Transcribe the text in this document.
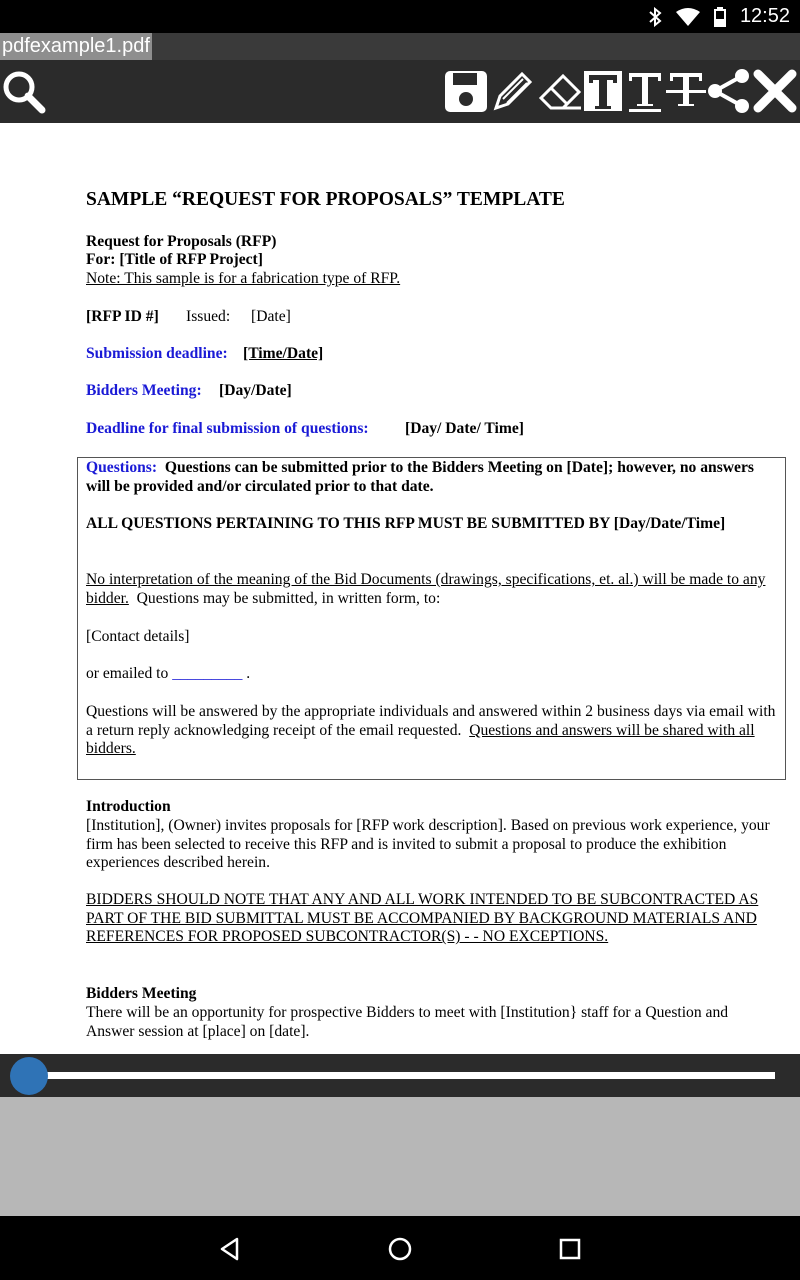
12:52
pdfexample1.pdf
SAMPLE “REQUEST FOR PROPOSALS” TEMPLATE
Request for Proposals (RFP)
For: [Title of RFP Project]
Note: This sample is for a fabrication type of RFP.
[RFP ID #] Issued: [Date]
Submission deadline: [Time/Date]
Bidders Meeting: [Day/Date]
Deadline for final submission of questions: [Day/ Date/ Time]
Questions: Questions can be submitted prior to the Bidders Meeting on [Date]; however, no answers will be provided and/or circulated prior to that date.
ALL QUESTIONS PERTAINING TO THIS RFP MUST BE SUBMITTED BY [Day/Date/Time]
No interpretation of the meaning of the Bid Documents (drawings, specifications, et. al.) will be made to any bidder. Questions may be submitted, in written form, to:
[Contact details]
or emailed to _________ .
Questions will be answered by the appropriate individuals and answered within 2 business days via email with a return reply acknowledging receipt of the email requested. Questions and answers will be shared with all bidders.
Introduction
[Institution], (Owner) invites proposals for [RFP work description]. Based on previous work experience, your firm has been selected to receive this RFP and is invited to submit a proposal to produce the exhibition experiences described herein.
BIDDERS SHOULD NOTE THAT ANY AND ALL WORK INTENDED TO BE SUBCONTRACTED AS PART OF THE BID SUBMITTAL MUST BE ACCOMPANIED BY BACKGROUND MATERIALS AND REFERENCES FOR PROPOSED SUBCONTRACTOR(S) - - NO EXCEPTIONS.
Bidders Meeting
There will be an opportunity for prospective Bidders to meet with [Institution} staff for a Question and Answer session at [place] on [date].
